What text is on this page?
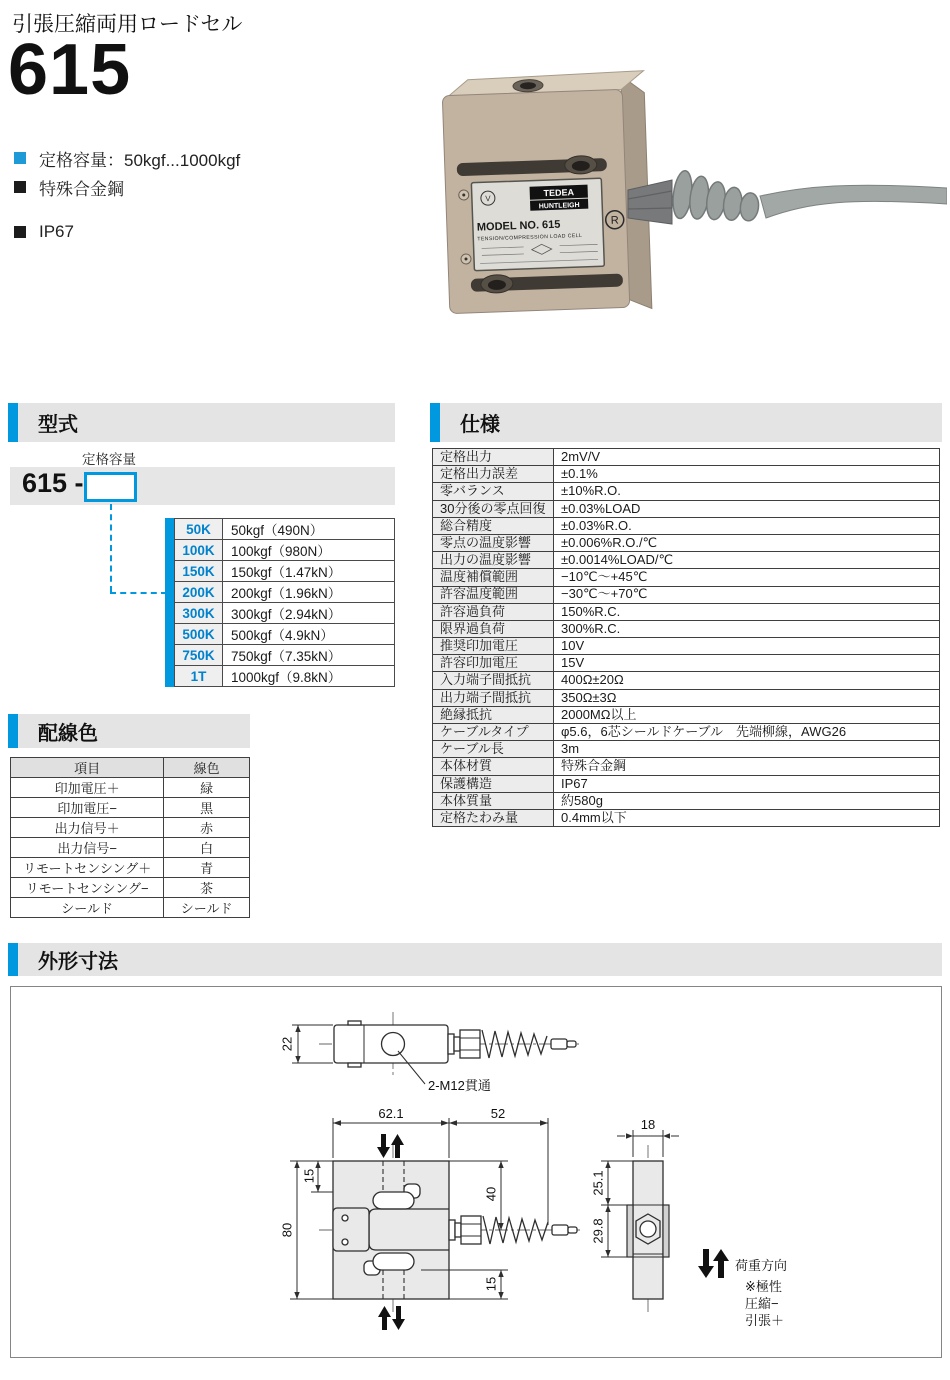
引張圧縮両用ロードセル
615
定格容量：50kgf...1000kgf
特殊合金鋼
IP67
V
TEDEA
HUNTLEIGH
MODEL NO. 615
TENSION/COMPRESSION LOAD CELL
R
型式
定格容量
615 -
50K	50kgf（490N）
100K	100kgf（980N）
150K	150kgf（1.47kN）
200K	200kgf（1.96kN）
300K	300kgf（2.94kN）
500K	500kgf（4.9kN）
750K	750kgf（7.35kN）
1T	1000kgf（9.8kN）
仕様
定格出力	2mV/V
定格出力誤差	±0.1%
零バランス	±10%R.O.
30分後の零点回復	±0.03%LOAD
総合精度	±0.03%R.O.
零点の温度影響	±0.006%R.O./℃
出力の温度影響	±0.0014%LOAD/℃
温度補償範囲	−10℃～+45℃
許容温度範囲	−30℃～+70℃
許容過負荷	150%R.C.
限界過負荷	300%R.C.
推奨印加電圧	10V
許容印加電圧	15V
入力端子間抵抗	400Ω±20Ω
出力端子間抵抗	350Ω±3Ω
絶縁抵抗	2000MΩ以上
ケーブルタイプ	φ5.6，6芯シールドケーブル　先端柳線，AWG26
ケーブル長	3m
本体材質	特殊合金鋼
保護構造	IP67
本体質量	約580g
定格たわみ量	0.4mm以下
配線色
項目	線色
印加電圧＋	緑
印加電圧−	黒
出力信号＋	赤
出力信号−	白
リモートセンシング＋	青
リモートセンシング−	茶
シールド	シールド
外形寸法
22
2-M12貫通
62.1	52
80
15
40
15
18
25.1
29.8
荷重方向
※極性
圧縮−
引張＋
